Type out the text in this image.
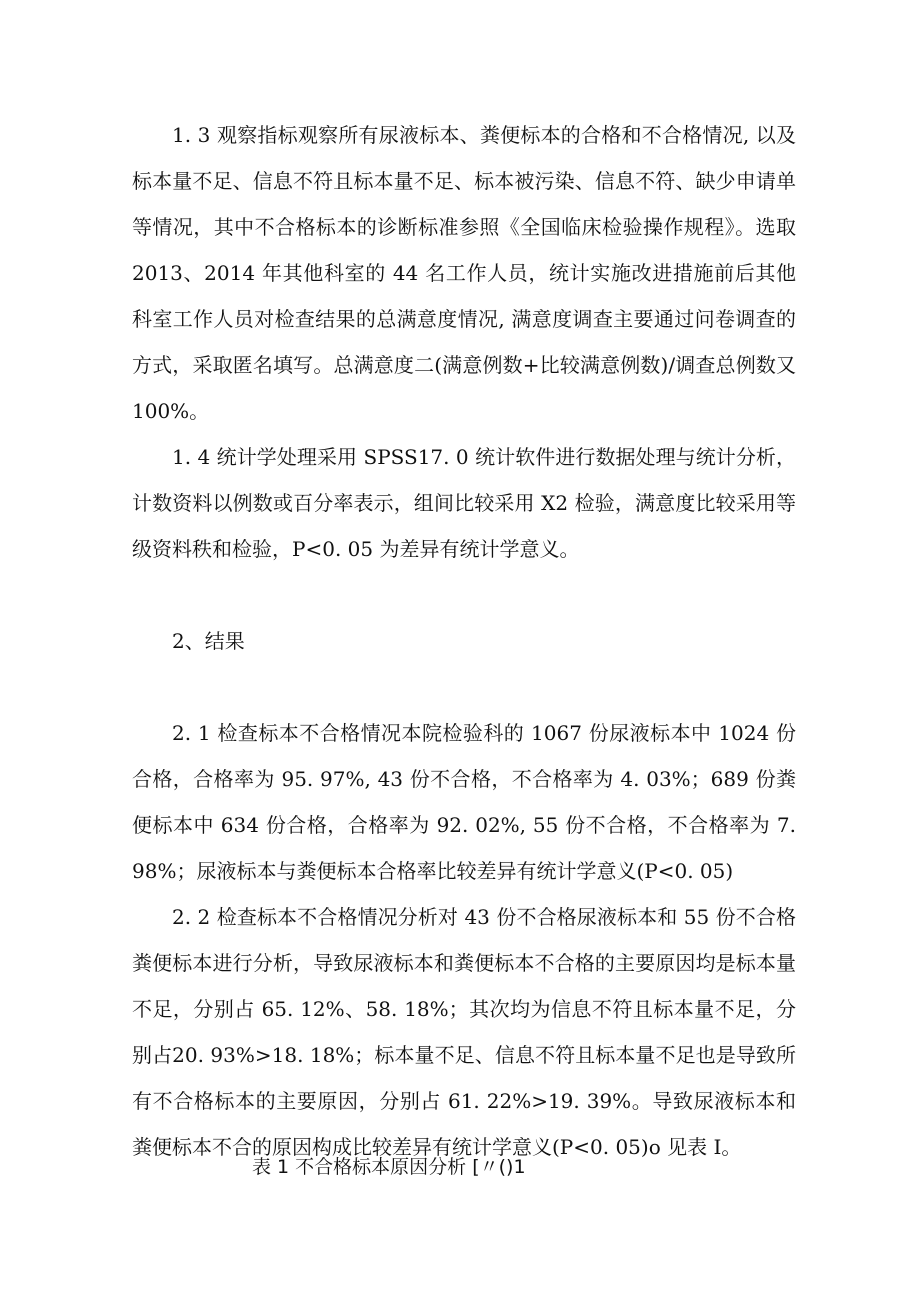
1. 3 观察指标观察所有尿液标本、粪便标本的合格和不合格情况, 以及标本量不足、信息不符且标本量不足、标本被污染、信息不符、缺少申请单等情况，其中不合格标本的诊断标准参照《全国临床检验操作规程》。选取2013、2014 年其他科室的 44 名工作人员，统计实施改进措施前后其他科室工作人员对检查结果的总满意度情况, 满意度调查主要通过问卷调查的方式，采取匿名填写。总满意度二(满意例数+比较满意例数)/调查总例数又 100%。

1. 4 统计学处理采用 SPSS17. 0 统计软件进行数据处理与统计分析，计数资料以例数或百分率表示，组间比较采用 X2 检验，满意度比较采用等级资料秩和检验，P<0. 05 为差异有统计学意义。

2、结果

2. 1 检查标本不合格情况本院检验科的 1067 份尿液标本中 1024 份合格，合格率为 95. 97%, 43 份不合格，不合格率为 4. 03%；689 份粪便标本中 634 份合格，合格率为 92. 02%, 55 份不合格，不合格率为 7. 98%；尿液标本与粪便标本合格率比较差异有统计学意义(P<0. 05)

2. 2 检查标本不合格情况分析对 43 份不合格尿液标本和 55 份不合格粪便标本进行分析，导致尿液标本和粪便标本不合格的主要原因均是标本量不足，分别占 65. 12%、58. 18%；其次均为信息不符且标本量不足，分别占20. 93%>18. 18%；标本量不足、信息不符且标本量不足也是导致所有不合格标本的主要原因，分别占 61. 22%>19. 39%。导致尿液标本和粪便标本不合的原因构成比较差异有统计学意义(P<0. 05)o 见表 I。

表 1 不合格标本原因分析 [〃()1
